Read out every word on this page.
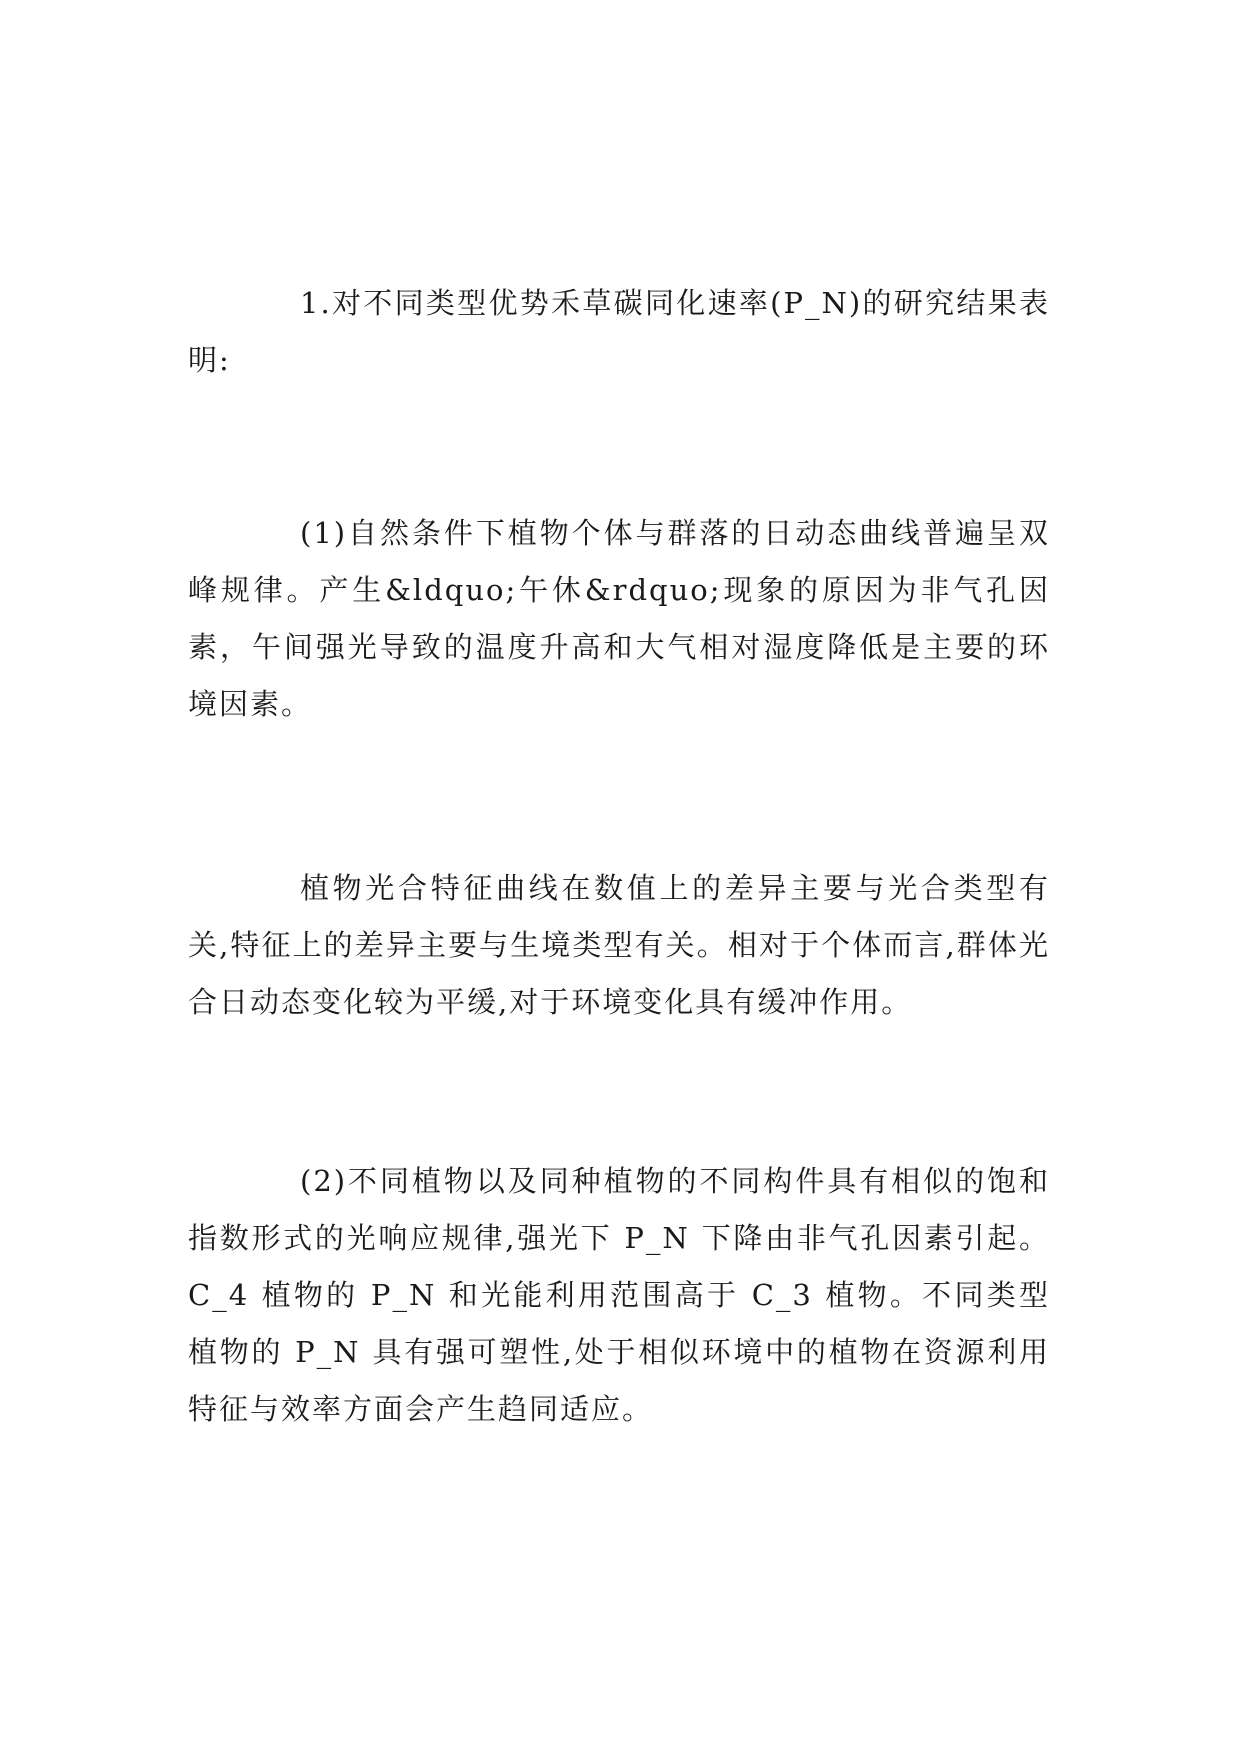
1.对不同类型优势禾草碳同化速率(P_N)的研究结果表明:

(1)自然条件下植物个体与群落的日动态曲线普遍呈双峰规律。产生&ldquo;午休&rdquo;现象的原因为非气孔因素，午间强光导致的温度升高和大气相对湿度降低是主要的环境因素。

植物光合特征曲线在数值上的差异主要与光合类型有关,特征上的差异主要与生境类型有关。相对于个体而言,群体光合日动态变化较为平缓,对于环境变化具有缓冲作用。

(2)不同植物以及同种植物的不同构件具有相似的饱和指数形式的光响应规律,强光下 P_N 下降由非气孔因素引起。C_4 植物的 P_N 和光能利用范围高于 C_3 植物。不同类型植物的 P_N 具有强可塑性,处于相似环境中的植物在资源利用特征与效率方面会产生趋同适应。
